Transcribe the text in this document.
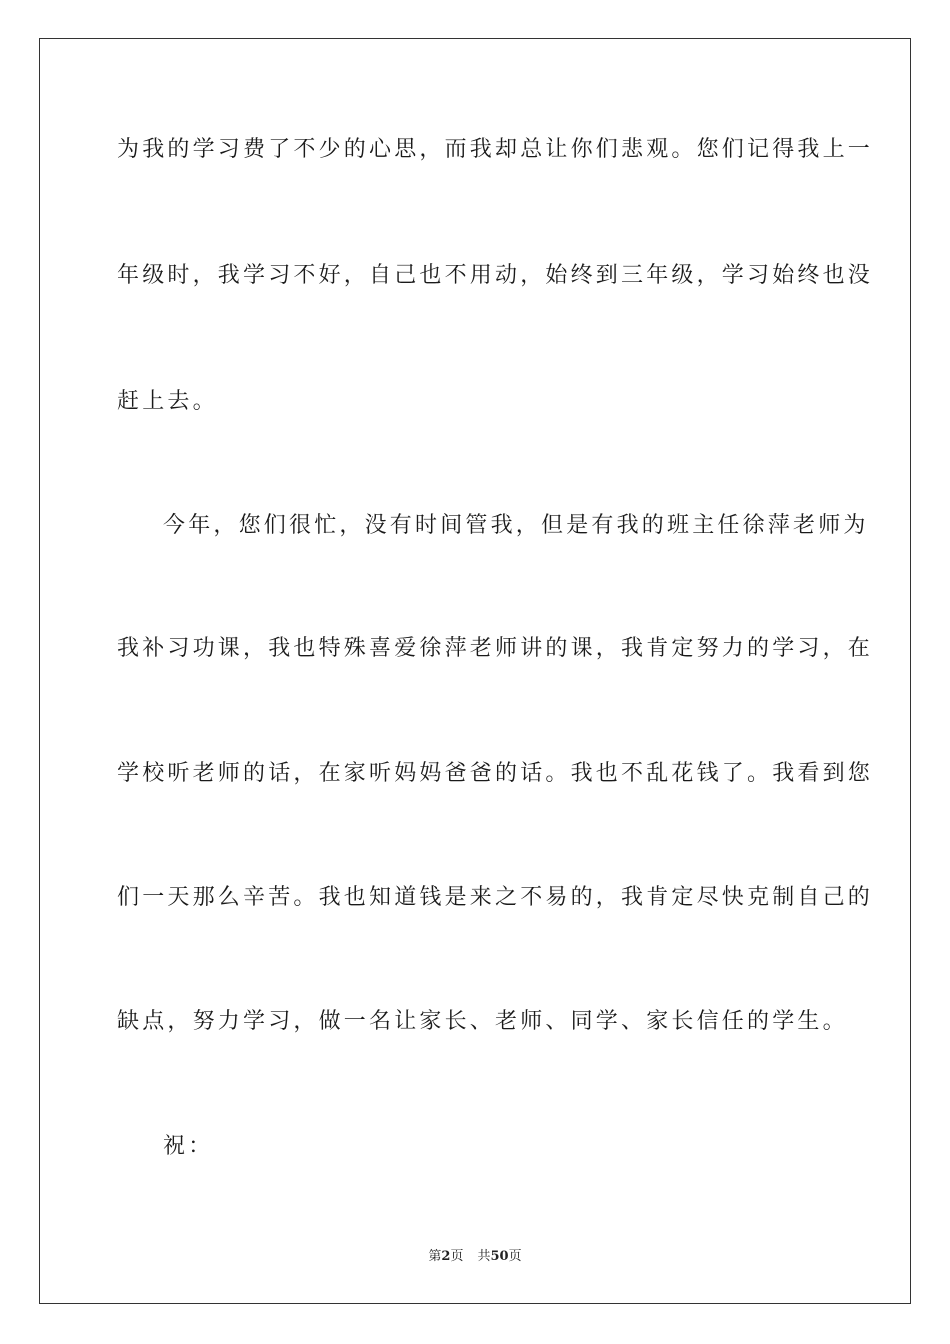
为我的学习费了不少的心思，而我却总让你们悲观。您们记得我上一
年级时，我学习不好，自己也不用动，始终到三年级，学习始终也没
赶上去。
今年，您们很忙，没有时间管我，但是有我的班主任徐萍老师为
我补习功课，我也特殊喜爱徐萍老师讲的课，我肯定努力的学习，在
学校听老师的话，在家听妈妈爸爸的话。我也不乱花钱了。我看到您
们一天那么辛苦。我也知道钱是来之不易的，我肯定尽快克制自己的
缺点，努力学习，做一名让家长、老师、同学、家长信任的学生。
祝：
第2页 共50页
